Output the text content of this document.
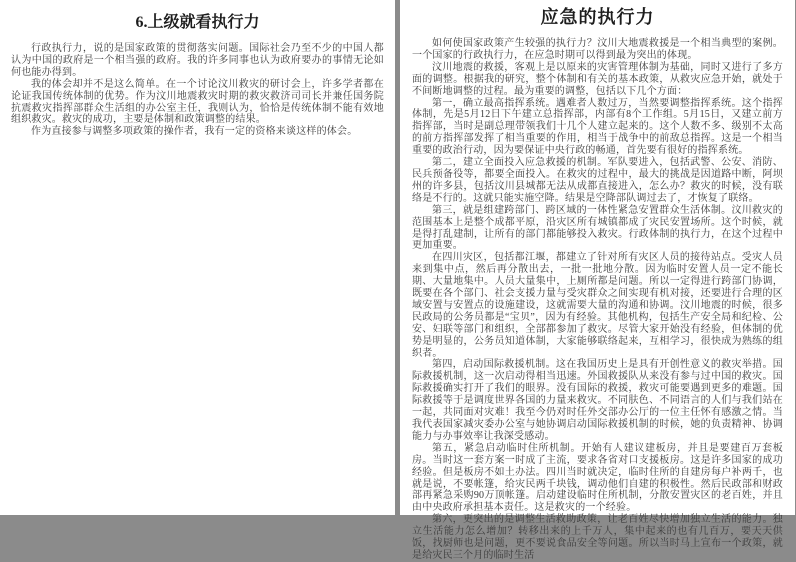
6.上级就看执行力

行政执行力，说的是国家政策的贯彻落实问题。国际社会乃至不少的中国人都认为中国的政府是一个相当强的政府。我的许多同事也认为政府要办的事情无论如何也能办得到。

我的体会却并不是这么简单。在一个讨论汶川救灾的研讨会上，许多学者都在论证我国传统体制的优势。作为汶川地震救灾时期的救灾救济司司长并兼任国务院抗震救灾指挥部群众生活组的办公室主任，我则认为，恰恰是传统体制不能有效地组织救灾。救灾的成功，主要是体制和政策调整的结果。

作为直接参与调整多项政策的操作者，我有一定的资格来谈这样的体会。

应急的执行力

如何使国家政策产生较强的执行力？汶川大地震救援是一个相当典型的案例。一个国家的行政执行力，在应急时期可以得到最为突出的体现。

汶川地震的救援，客观上是以原来的灾害管理体制为基础，同时又进行了多方面的调整。根据我的研究，整个体制和有关的基本政策，从救灾应急开始，就处于不间断地调整的过程。最为重要的调整，包括以下几个方面：

第一，确立最高指挥系统。遇难者人数过万，当然要调整指挥系统。这个指挥体制，先是5月12日下午建立总指挥部，内部有8个工作组。5月15日，又建立前方指挥部，当时是副总理带领我们十几个人建立起来的。这个人数不多、级别不太高的前方指挥部发挥了相当重要的作用，相当于战争中的前敌总指挥。这是一个相当重要的政治行动，因为要保证中央行政的畅通，首先要有很好的指挥系统。

第二，建立全面投入应急救援的机制。军队要进入，包括武警、公安、消防、民兵预备役等，都要全面投入。在救灾的过程中，最大的挑战是因道路中断，阿坝州的许多县，包括汶川县城都无法从成都直接进入，怎么办？救灾的时候，没有联络是不行的。这就只能实施空降。结果是空降部队调过去了，才恢复了联络。

第三，就是组建跨部门、跨区域的一体性紧急安置群众生活体制。汶川救灾的范围基本上是整个成都平原，沿灾区所有城镇都成了灾民安置场所。这个时候，就是得打乱建制，让所有的部门都能够投入救灾。行政体制的执行力，在这个过程中更加重要。

在四川灾区，包括都江堰，都建立了针对所有灾区人员的接待站点。受灾人员来到集中点，然后再分散出去，一批一批地分散。因为临时安置人员一定不能长期、大量地集中。人员大量集中，上厕所都是问题。所以一定得进行跨部门协调，既要在各个部门、社会支援力量与受灾群众之间实现有机对接，还要进行合理的区域安置与安置点的设施建设，这就需要大量的沟通和协调。汶川地震的时候，很多民政局的公务员都是“宝贝”，因为有经验。其他机构，包括生产安全局和纪检、公安、妇联等部门和组织，全部都参加了救灾。尽管大家开始没有经验，但体制的优势是明显的，公务员知道体制，大家能够联络起来，互相学习，很快成为熟练的组织者。

第四，启动国际救援机制。这在我国历史上是具有开创性意义的救灾举措。国际救援机制，这一次启动得相当迅速。外国救援队从来没有参与过中国的救灾。国际救援确实打开了我们的眼界。没有国际的救援，救灾可能要遇到更多的难题。国际救援等于是调度世界各国的力量来救灾。不同肤色、不同语言的人们与我们站在一起，共同面对灾难！我至今仍对时任外交部办公厅的一位主任怀有感激之情。当我代表国家减灾委办公室与她协调启动国际救援机制的时候，她的负责精神、协调能力与办事效率让我深受感动。

第五，紧急启动临时住所机制。开始有人建议建板房，并且是要建百万套板房。当时这一套方案一时成了主流，要求各省对口支援板房。这是许多国家的成功经验。但是板房不如土办法。四川当时就决定，临时住所的自建房每户补两千，也就是说，不要帐篷，给灾民两千块钱，调动他们自建的积极性。然后民政部和财政部再紧急采购90万顶帐篷。启动建设临时住所机制，分散安置灾区的老百姓，并且由中央政府承担基本责任。这是救灾的一个经验。

第六，更突出的是调整生活救助政策，让老百姓尽快增加独立生活的能力。独立生活能力怎么增加？转移出来的上千万人，集中起来的也有几百万，要天天供饭，找厨师也是问题，更不要说食品安全等问题。所以当时马上宣布一个政策，就是给灾民三个月的临时生活
